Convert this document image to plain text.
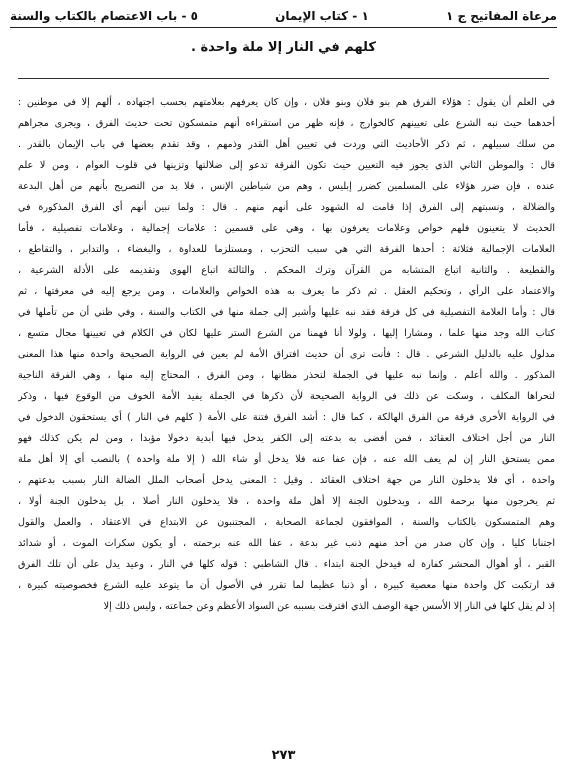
مرعاة المفاتيح ج ١
١ - كتاب الإيمان
٥ - باب الاعتصام بالكتاب والسنة
كلهم في النار إلا ملة واحدة .
في العلم أن يقول : هؤلاء الفرق هم بنو فلان وبنو فلان ، وإن كان يعرفهم بعلامتهم بحسب اجتهاده ، ألهم إلا في موطنين :
أحدهما حيث نبه الشرع على تعيينهم كالخوارج ، فإنه ظهر من استقراءه أنهم متمسكون تحت حديث الفرق ، ويجرى مجراهم
من سلك سبيلهم ، ثم ذكر الأحاديث التي وردت في تعيين أهل القدر وذمهم ، وقد تقدم بعضها في باب الإيمان بالقدر .
قال : والموطن الثاني الذي يجوز فيه التعيين حيث تكون الفرقة تدعو إلى ضلالتها وتزينها في قلوب العوام ، ومن لا علم
عنده ، فإن ضرر هؤلاء على المسلمين كضرر إبليس ، وهم من شياطين الإنس ، فلا بد من التصريح بأنهم من أهل البدعة
والضلالة ، ونسبتهم إلى الفرق إذا قامت له الشهود على أنهم منهم . قال : ولما تبين أنهم أي الفرق المذكورة في
الحديث لا يتعينون فلهم خواص وعلامات يعرفون بها ، وهي على قسمين : علامات إجمالية ، وعلامات تفصيلية ، فأما
العلامات الإجمالية فثلاثة : أحدها الفرقة التي هي سبب التحزب ، ومستلزما للعداوة ، والبغضاء ، والتدابر ، والتقاطع ،
والقطيعة . والثانية اتباع المتشابه من القرآن وترك المحكم . والثالثة اتباع الهوى وتقديمه على الأدلة الشرعية ،
والاعتماد على الرأي ، وتحكيم العقل . ثم ذكر ما يعرف به هذه الخواص والعلامات ، ومن يرجع إليه في معرفتها ، ثم
قال : وأما العلامة التفصيلية في كل فرقة فقد نبه عليها وأشير إلى جملة منها في الكتاب والسنة ، وفي ظني أن من تأملها في
كتاب الله وجد منها علما ، ومشارا إليها ، ولولا أنا فهمنا من الشرع الستر عليها لكان في الكلام في تعيينها مجال متسع ،
مدلول عليه بالدليل الشرعي . قال : فأنت ترى أن حديث افتراق الأمة لم يعين في الرواية الصحيحة واحدة منها هذا المعنى
المذكور . والله أعلم . وإنما نبه عليها في الجملة لتحذر مظانها ، ومن الفرق ، المحتاج إليه منها ، وهي الفرقة الناجية
لتحراها المكلف ، وسكت عن ذلك في الرواية الصحيحة لأن ذكرها في الجملة يفيد الأمة الخوف من الوقوع فيها ، وذكر
في الرواية الأخرى فرقة من الفرق الهالكة ، كما قال : أشد الفرق فتنة على الأمة ( كلهم في النار ) أي يستحقون الدخول في
النار من أجل اختلاف العقائد ، فمن أفضى به بدعته إلى الكفر يدخل فيها أبدية دخولا مؤبدا ، ومن لم يكن كذلك فهو
ممن يستحق النار إن لم يعف الله عنه ، فإن عفا عنه فلا يدخل أو شاء الله ( إلا ملة واحدة ) بالنصب أي إلا أهل ملة
واحدة ، أي فلا يدخلون النار من جهة اختلاف العقائد . وقيل : المعنى يدخل أصحاب الملل الضالة النار بسبب بدعتهم ،
ثم يخرجون منها برحمة الله ، ويدخلون الجنة إلا أهل ملة واحدة ، فلا يدخلون النار أصلا ، بل يدخلون الجنة أولا ،
وهم المتمسكون بالكتاب والسنة ، الموافقون لجماعة الصحابة ، المجتنبون عن الابتداع في الاعتقاد ، والعمل والقول
اجتنابا كليا ، وإن كان صدر من أحد منهم ذنب غير بدعة ، عفا الله عنه برحمته ، أو يكون سكرات الموت ، أو شدائد
القبر ، أو أهوال المحشر كفارة له فيدخل الجنة ابتداء . قال الشاطبي : قوله كلها في النار ، وعيد يدل على أن تلك الفرق
قد ارتكبت كل واحدة منها معصية كبيرة ، أو ذنبا عظيما لما تقرر في الأصول أن ما يتوعد عليه الشرع فخصوصيته كبيرة ،
إذ لم يقل كلها في النار إلا الأسس جهة الوصف الذي افترقت بسببه عن السواد الأعظم وعن جماعته ، وليس ذلك إلا
٢٧٣
